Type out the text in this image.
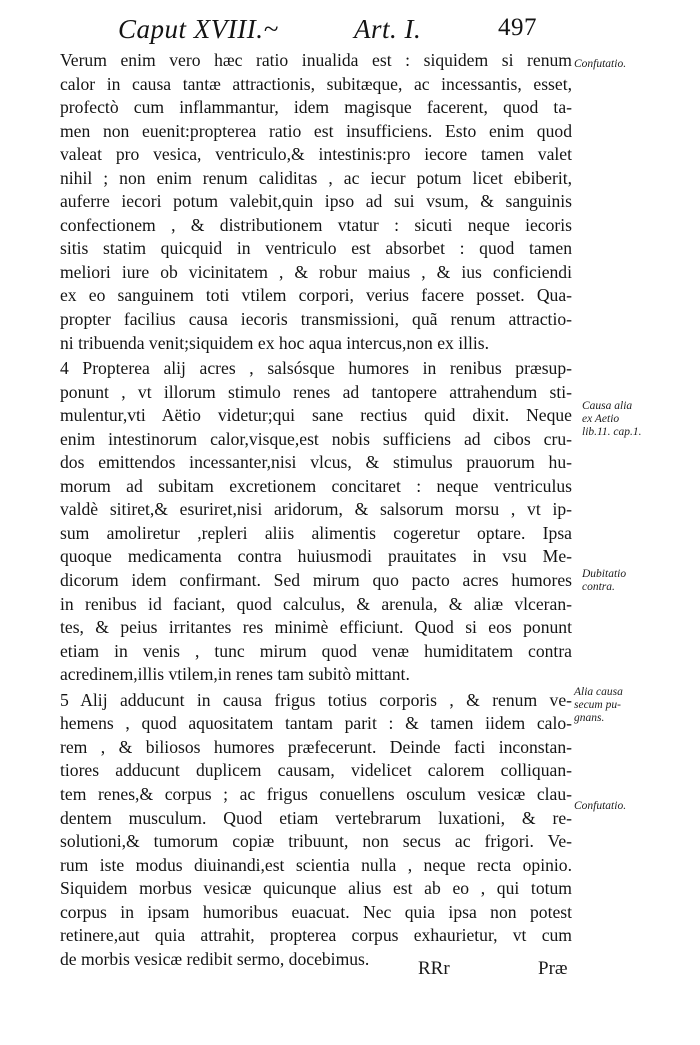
Caput XVIII.~	Art. I.	497
Verum enim vero hæc ratio inualida est : siquidem si renum
calor in causa tantæ attractionis, subitæque, ac incessantis, esset,
profectò cum inflammantur, idem magisque facerent, quod ta-
men non euenit:propterea ratio est insufficiens. Esto enim quod
valeat pro vesica, ventriculo,& intestinis:pro iecore tamen valet
nihil ; non enim renum caliditas , ac iecur potum licet ebiberit,
auferre iecori potum valebit,quin ipso ad sui vsum, & sanguinis
confectionem , & distributionem vtatur : sicuti neque iecoris
sitis statim quicquid in ventriculo est absorbet : quod tamen
meliori iure ob vicinitatem , & robur maius , & ius conficiendi
ex eo sanguinem toti vtilem corpori, verius facere posset. Qua-
propter facilius causa iecoris transmissioni, quã renum attractio-
ni tribuenda venit;siquidem ex hoc aqua intercus,non ex illis.
4 Propterea alij acres , salsósque humores in renibus præsup-
ponunt , vt illorum stimulo renes ad tantopere attrahendum sti-
mulentur,vti Aëtio videtur;qui sane rectius quid dixit. Neque
enim intestinorum calor,visque,est nobis sufficiens ad cibos cru-
dos emittendos incessanter,nisi vlcus, & stimulus prauorum hu-
morum ad subitam excretionem concitaret : neque ventriculus
valdè sitiret,& esuriret,nisi aridorum, & salsorum morsu , vt ip-
sum amoliretur ,repleri aliis alimentis cogeretur optare. Ipsa
quoque medicamenta contra huiusmodi prauitates in vsu Me-
dicorum idem confirmant. Sed mirum quo pacto acres humores
in renibus id faciant, quod calculus, & arenula, & aliæ vlceran-
tes, & peius irritantes res minimè efficiunt. Quod si eos ponunt
etiam in venis , tunc mirum quod venæ humiditatem contra
acredinem,illis vtilem,in renes tam subitò mittant.
5 Alij adducunt in causa frigus totius corporis , & renum ve-
hemens , quod aquositatem tantam parit : & tamen iidem calo-
rem , & biliosos humores præfecerunt. Deinde facti inconstan-
tiores adducunt duplicem causam, videlicet calorem colliquan-
tem renes,& corpus ; ac frigus conuellens osculum vesicæ clau-
dentem musculum. Quod etiam vertebrarum luxationi, & re-
solutioni,& tumorum copiæ tribuunt, non secus ac frigori. Ve-
rum iste modus diuinandi,est scientia nulla , neque recta opinio.
Siquidem morbus vesicæ quicunque alius est ab eo , qui totum
corpus in ipsam humoribus euacuat. Nec quia ipsa non potest
retinere,aut quia attrahit, propterea corpus exhaurietur, vt cum
de morbis vesicæ redibit sermo, docebimus.
Confutatio.
Causa alia
ex Aetio
lib.11. cap.1.
Dubitatio
contra.
Alia causa
secum pu-
gnans.
Confutatio.
RRr	Præ
